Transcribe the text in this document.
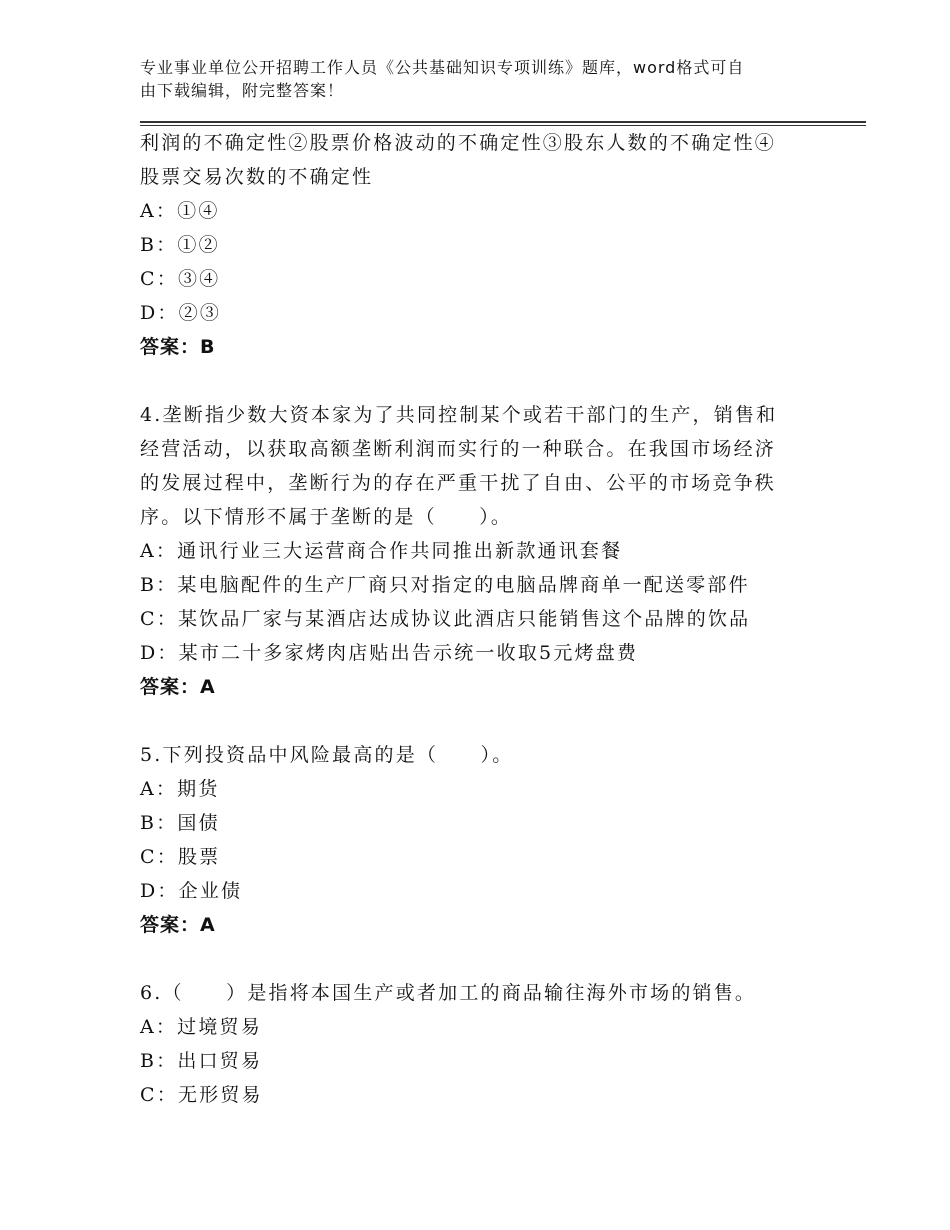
专业事业单位公开招聘工作人员《公共基础知识专项训练》题库，word格式可自
由下载编辑，附完整答案！
利润的不确定性②股票价格波动的不确定性③股东人数的不确定性④
股票交易次数的不确定性
A：①④
B：①②
C：③④
D：②③
答案：B
4.垄断指少数大资本家为了共同控制某个或若干部门的生产，销售和
经营活动，以获取高额垄断利润而实行的一种联合。在我国市场经济
的发展过程中，垄断行为的存在严重干扰了自由、公平的市场竞争秩
序。以下情形不属于垄断的是（　　）。
A：通讯行业三大运营商合作共同推出新款通讯套餐
B：某电脑配件的生产厂商只对指定的电脑品牌商单一配送零部件
C：某饮品厂家与某酒店达成协议此酒店只能销售这个品牌的饮品
D：某市二十多家烤肉店贴出告示统一收取5元烤盘费
答案：A
5.下列投资品中风险最高的是（　　）。
A：期货
B：国债
C：股票
D：企业债
答案：A
6.（　　）是指将本国生产或者加工的商品输往海外市场的销售。
A：过境贸易
B：出口贸易
C：无形贸易
